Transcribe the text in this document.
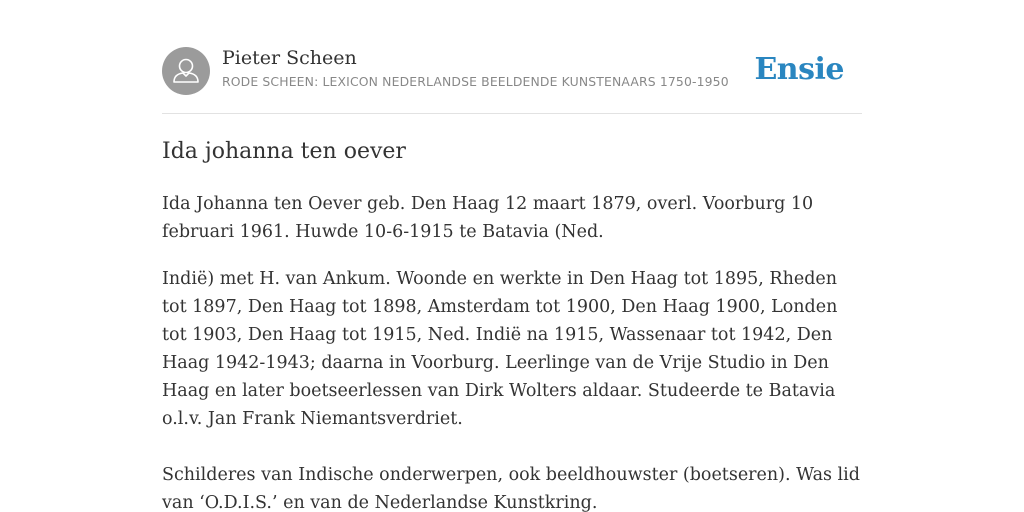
Pieter Scheen
RODE SCHEEN: LEXICON NEDERLANDSE BEELDENDE KUNSTENAARS 1750-1950 Ensie
Ida johanna ten oever

Ida Johanna ten Oever geb. Den Haag 12 maart 1879, overl. Voorburg 10 februari 1961. Huwde 10-6-1915 te Batavia (Ned.

Indië) met H. van Ankum. Woonde en werkte in Den Haag tot 1895, Rheden tot 1897, Den Haag tot 1898, Amsterdam tot 1900, Den Haag 1900, Londen tot 1903, Den Haag tot 1915, Ned. Indië na 1915, Wassenaar tot 1942, Den Haag 1942-1943; daarna in Voorburg. Leerlinge van de Vrije Studio in Den Haag en later boetseerlessen van Dirk Wolters aldaar. Studeerde te Batavia o.l.v. Jan Frank Niemantsverdriet.

Schilderes van Indische onderwerpen, ook beeldhouwster (boetseren). Was lid van ‘O.D.I.S.’ en van de Nederlandse Kunstkring.
